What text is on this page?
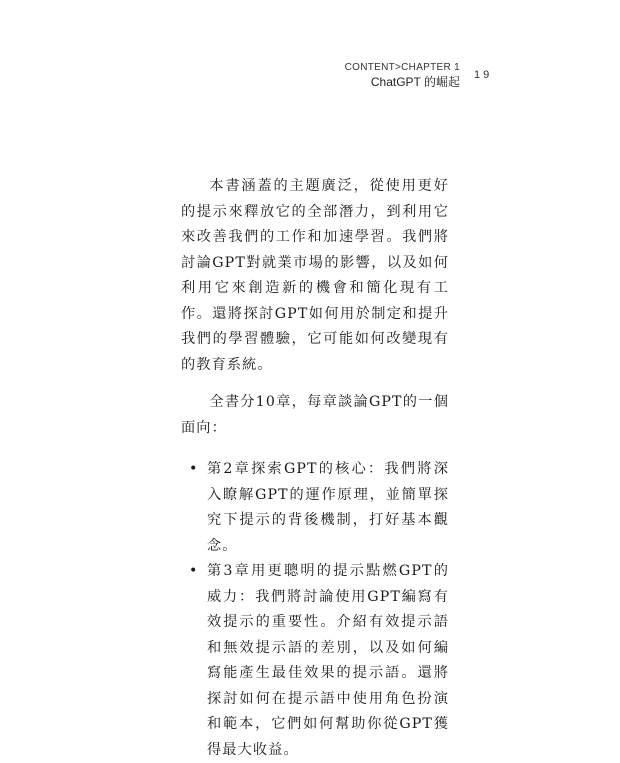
CONTENT>CHAPTER 1
ChatGPT 的崛起 19

本書涵蓋的主題廣泛，從使用更好的提示來釋放它的全部潛力，到利用它來改善我們的工作和加速學習。我們將討論GPT對就業市場的影響，以及如何利用它來創造新的機會和簡化現有工作。還將探討GPT如何用於制定和提升我們的學習體驗，它可能如何改變現有的教育系統。

全書分10章，每章談論GPT的一個面向：

• 第2章探索GPT的核心：我們將深入瞭解GPT的運作原理，並簡單探究下提示的背後機制，打好基本觀念。
• 第3章用更聰明的提示點燃GPT的威力：我們將討論使用GPT編寫有效提示的重要性。介紹有效提示語和無效提示語的差別，以及如何編寫能產生最佳效果的提示語。還將探討如何在提示語中使用角色扮演和範本，它們如何幫助你從GPT獲得最大收益。
